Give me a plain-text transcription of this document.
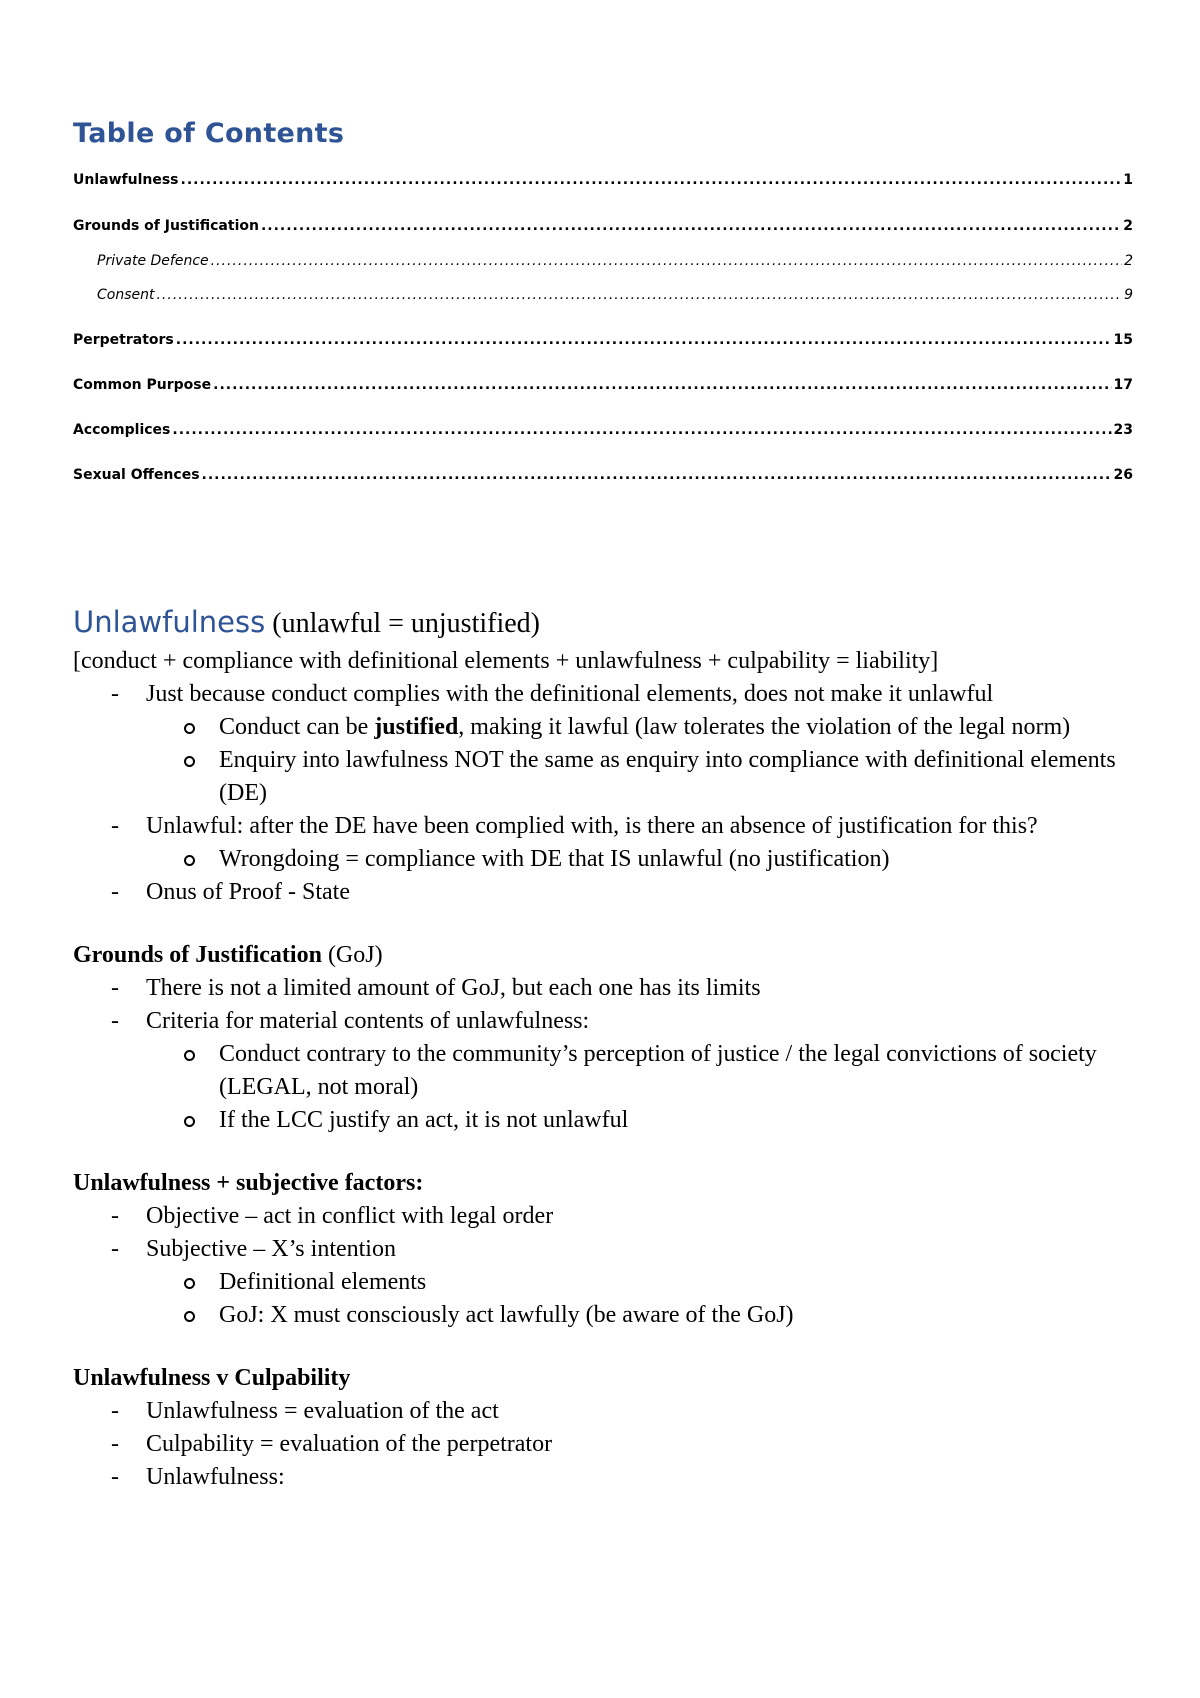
Table of Contents
Unlawfulness .....	1
Grounds of Justification .....	2
Private Defence .....	2
Consent .....	9
Perpetrators .....	15
Common Purpose .....	17
Accomplices .....	23
Sexual Offences .....	26
Unlawfulness (unlawful = unjustified)

[conduct + compliance with definitional elements + unlawfulness + culpability = liability]

- Just because conduct complies with the definitional elements, does not make it unlawful
Conduct can be justified, making it lawful (law tolerates the violation of the legal norm)
Enquiry into lawfulness NOT the same as enquiry into compliance with definitional elements (DE)
- Unlawful: after the DE have been complied with, is there an absence of justification for this?
Wrongdoing = compliance with DE that IS unlawful (no justification)
- Onus of Proof - State

Grounds of Justification (GoJ)

- There is not a limited amount of GoJ, but each one has its limits
- Criteria for material contents of unlawfulness:
Conduct contrary to the community’s perception of justice / the legal convictions of society (LEGAL, not moral)
If the LCC justify an act, it is not unlawful

Unlawfulness + subjective factors:

- Objective – act in conflict with legal order
- Subjective – X’s intention
Definitional elements
GoJ: X must consciously act lawfully (be aware of the GoJ)

Unlawfulness v Culpability

- Unlawfulness = evaluation of the act
- Culpability = evaluation of the perpetrator
- Unlawfulness:
